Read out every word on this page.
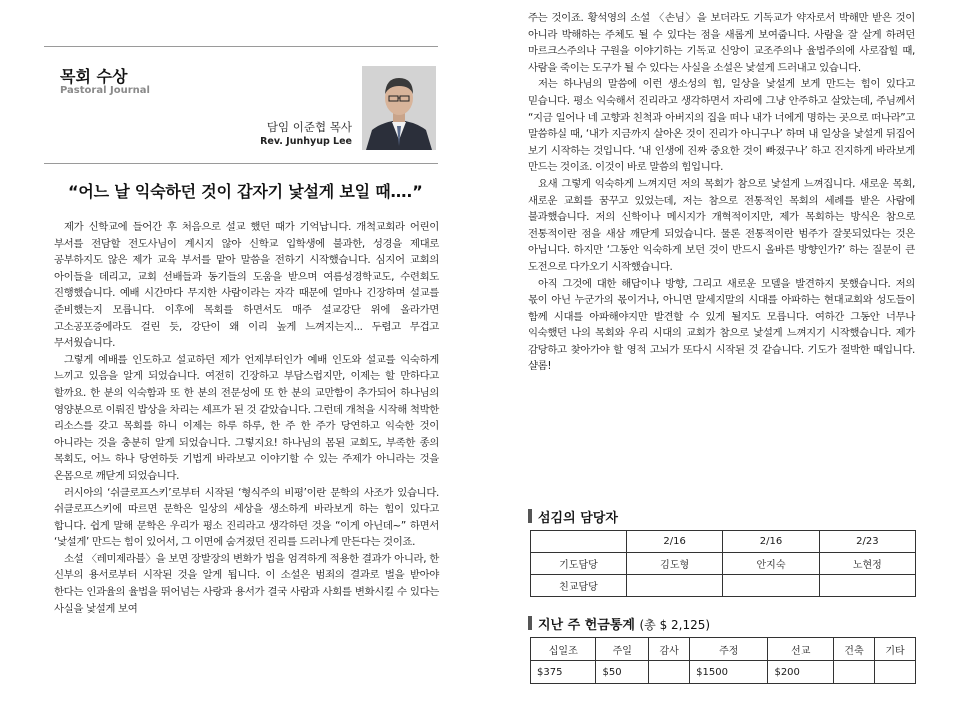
목회 수상
Pastoral Journal
담임 이준협 목사
Rev. Junhyup Lee
“어느 날 익숙하던 것이 갑자기 낯설게 보일 때….”

제가 신학교에 들어간 후 처음으로 설교 했던 때가 기억납니다. 개척교회라 어린이 부서를 전담할 전도사님이 계시지 않아 신학교 입학생에 불과한, 성경을 제대로 공부하지도 않은 제가 교육 부서를 맡아 말씀을 전하기 시작했습니다. 심지어 교회의 아이들을 데리고, 교회 선배들과 동기들의 도움을 받으며 여름성경학교도, 수련회도 진행했습니다. 예배 시간마다 무지한 사람이라는 자각 때문에 얼마나 긴장하며 설교를 준비했는지 모릅니다. 이후에 목회를 하면서도 매주 설교강단 위에 올라가면 고소공포증에라도 걸린 듯, 강단이 왜 이리 높게 느껴지는지... 두렵고 무겁고 무서웠습니다.

그렇게 예배를 인도하고 설교하던 제가 언제부터인가 예배 인도와 설교를 익숙하게 느끼고 있음을 알게 되었습니다. 여전히 긴장하고 부담스럽지만, 이제는 할 만하다고 할까요. 한 분의 익숙함과 또 한 분의 전문성에 또 한 분의 교만함이 추가되어 하나님의 영양분으로 이뤄진 밥상을 차리는 셰프가 된 것 같았습니다. 그런데 개척을 시작해 척박한 리소스를 갖고 목회를 하니 이제는 하루 하루, 한 주 한 주가 당연하고 익숙한 것이 아니라는 것을 충분히 알게 되었습니다. 그렇지요! 하나님의 몸된 교회도, 부족한 종의 목회도, 어느 하나 당연하듯 기법게 바라보고 이야기할 수 있는 주제가 아니라는 것을 온몸으로 깨닫게 되었습니다.

러시아의 ‘쉬클로프스키’로부터 시작된 ‘형식주의 비평’이란 문학의 사조가 있습니다. 쉬클로프스키에 따르면 문학은 일상의 세상을 생소하게 바라보게 하는 힘이 있다고 합니다. 쉽게 말해 문학은 우리가 평소 진리라고 생각하던 것을 “이게 아닌데~” 하면서 ‘낯설게’ 만드는 힘이 있어서, 그 이면에 숨겨졌던 진리를 드러나게 만든다는 것이죠.

소설 〈레미제라블〉을 보면 장발장의 변화가 법을 엄격하게 적용한 결과가 아니라, 한 신부의 용서로부터 시작된 것을 알게 됩니다. 이 소설은 범죄의 결과로 벌을 받아야 한다는 인과율의 율법을 뛰어넘는 사랑과 용서가 결국 사람과 사회를 변화시킬 수 있다는 사실을 낯설게 보여

주는 것이죠. 황석영의 소설 〈손님〉을 보더라도 기독교가 약자로서 박해만 받은 것이 아니라 박해하는 주체도 될 수 있다는 점을 새롭게 보여줍니다. 사람을 잘 살게 하려던 마르크스주의나 구원을 이야기하는 기독교 신앙이 교조주의나 율법주의에 사로잡힐 때, 사람을 죽이는 도구가 될 수 있다는 사실을 소설은 낯설게 드러내고 있습니다.

저는 하나님의 말씀에 이런 생소성의 힘, 일상을 낯설게 보게 만드는 힘이 있다고 믿습니다. 평소 익숙해서 진리라고 생각하면서 자리에 그냥 안주하고 살았는데, 주님께서 “지금 일어나 네 고향과 친척과 아버지의 집을 떠나 내가 너에게 명하는 곳으로 떠나라”고 말씀하실 때, ‘내가 지금까지 살아온 것이 진리가 아니구나’ 하며 내 일상을 낯설게 뒤집어 보기 시작하는 것입니다. ‘내 인생에 진짜 중요한 것이 빠졌구나’ 하고 진지하게 바라보게 만드는 것이죠. 이것이 바로 말씀의 힘입니다.

요새 그렇게 익숙하게 느껴지던 저의 목회가 참으로 낯설게 느껴집니다. 새로운 목회, 새로운 교회를 꿈꾸고 있었는데, 저는 참으로 전통적인 목회의 세례를 받은 사람에 불과했습니다. 저의 신학이나 메시지가 개혁적이지만, 제가 목회하는 방식은 참으로 전통적이란 점을 새삼 깨닫게 되었습니다. 물론 전통적이란 범주가 잘못되었다는 것은 아닙니다. 하지만 ‘그동안 익숙하게 보던 것이 반드시 올바른 방향인가?’ 하는 질문이 큰 도전으로 다가오기 시작했습니다.

아직 그것에 대한 해답이나 방향, 그리고 새로운 모델을 발견하지 못했습니다. 저의 몫이 아닌 누군가의 몫이거나, 아니면 말세지말의 시대를 아파하는 현대교회와 성도들이 함께 시대를 아파해야지만 발견할 수 있게 될지도 모릅니다. 여하간 그동안 너무나 익숙했던 나의 목회와 우리 시대의 교회가 참으로 낯설게 느껴지기 시작했습니다. 제가 감당하고 찾아가야 할 영적 고뇌가 또다시 시작된 것 같습니다. 기도가 절박한 때입니다. 샬롬!

섬김의 담당자
	2/16	2/16	2/23
기도담당	김도형	안지숙	노현정
친교담당			
지난 주 헌금통계 (총 $ 2,125)
십일조	주일	감사	주정	선교	건축	기타
$375	$50		$1500	$200		
